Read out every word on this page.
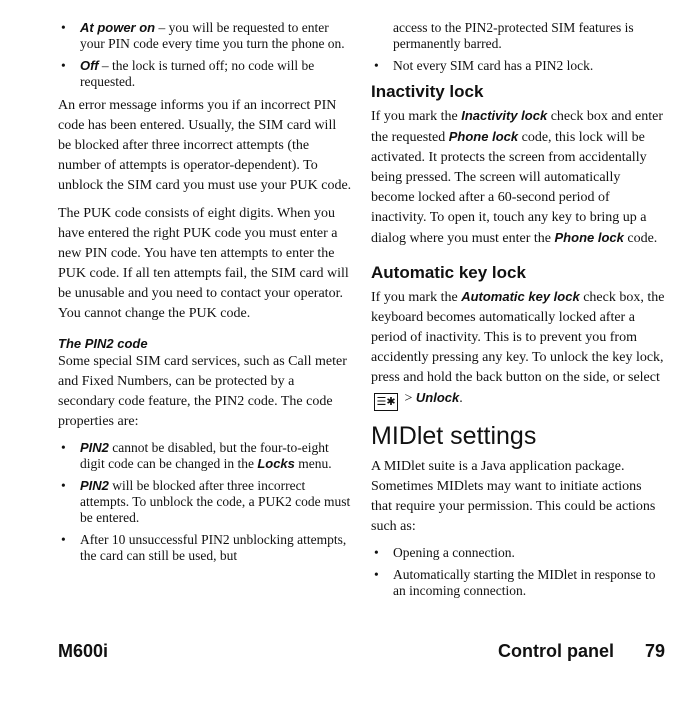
• At power on – you will be requested to enter your PIN code every time you turn the phone on.
• Off – the lock is turned off; no code will be requested.

An error message informs you if an incorrect PIN code has been entered. Usually, the SIM card will be blocked after three incorrect attempts (the number of attempts is operator-dependent). To unblock the SIM card you must use your PUK code.

The PUK code consists of eight digits. When you have entered the right PUK code you must enter a new PIN code. You have ten attempts to enter the PUK code. If all ten attempts fail, the SIM card will be unusable and you need to contact your operator. You cannot change the PUK code.

The PIN2 code

Some special SIM card services, such as Call meter and Fixed Numbers, can be protected by a secondary code feature, the PIN2 code. The code properties are:

• PIN2 cannot be disabled, but the four-to-eight digit code can be changed in the Locks menu.
• PIN2 will be blocked after three incorrect attempts. To unblock the code, a PUK2 code must be entered.
• After 10 unsuccessful PIN2 unblocking attempts, the card can still be used, but
access to the PIN2-protected SIM features is permanently barred.
• Not every SIM card has a PIN2 lock.
Inactivity lock

If you mark the Inactivity lock check box and enter the requested Phone lock code, this lock will be activated. It protects the screen from accidentally being pressed. The screen will automatically become locked after a 60-second period of inactivity. To open it, touch any key to bring up a dialog where you must enter the Phone lock code.

Automatic key lock

If you mark the Automatic key lock check box, the keyboard becomes automatically locked after a period of inactivity. This is to prevent you from accidently pressing any key. To unlock the key lock, press and hold the back button on the side, or select ☰✱ > Unlock.

MIDlet settings

A MIDlet suite is a Java application package. Sometimes MIDlets may want to initiate actions that require your permission. This could be actions such as:

• Opening a connection.
• Automatically starting the MIDlet in response to an incoming connection.
M600i	Control panel 79
